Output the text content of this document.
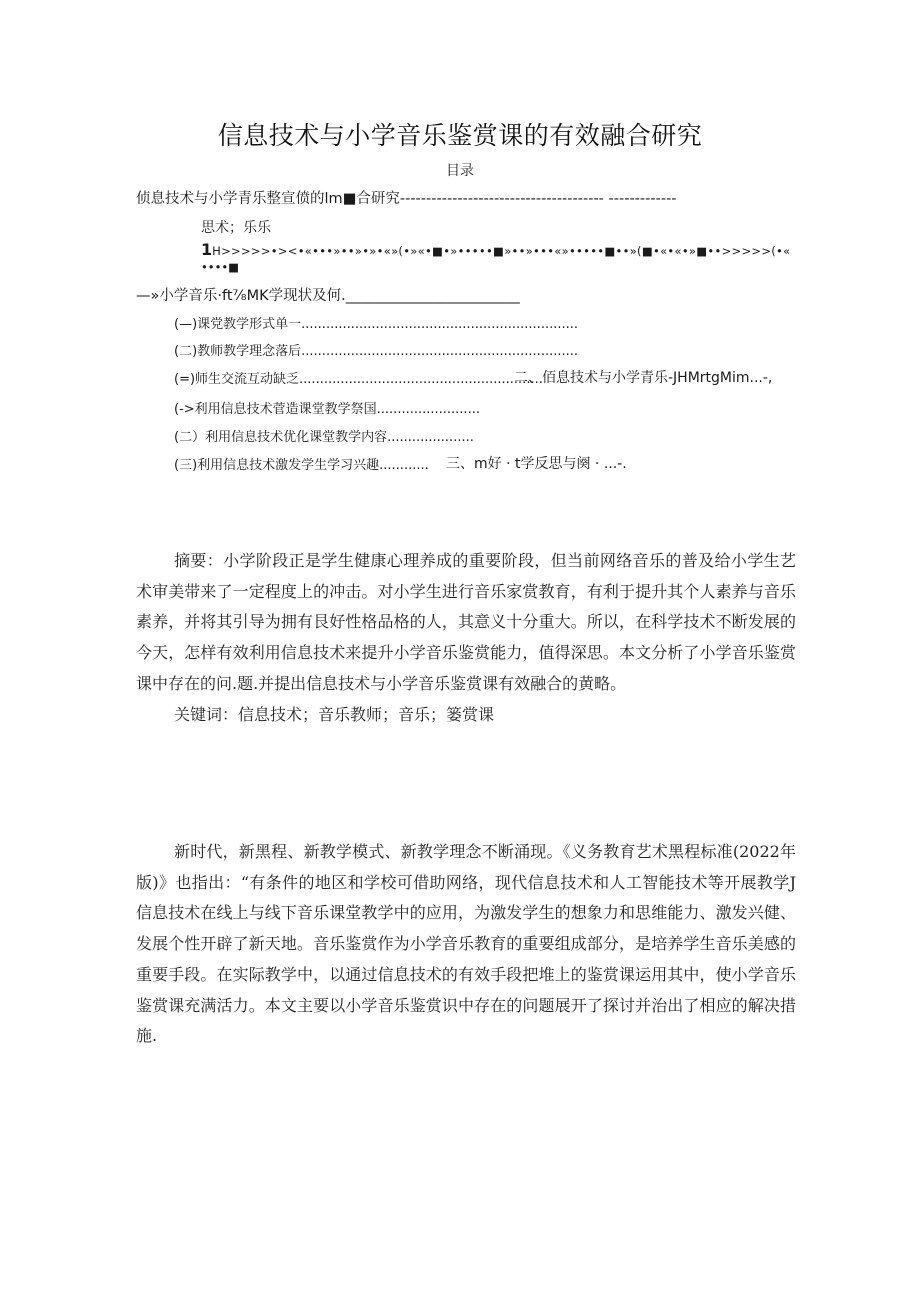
信息技术与小学音乐鉴赏课的有效融合研究
目录
侦息技术与小学青乐整宣偾的lm■合研究--------------------------------------- -------------
思术；乐乐
1H>>>>>•><•«•••»••»•»•«»(•»«•■•»•••••■»••»•••«»•••••■••»(■•«•«•»■••>>>>>(•«
••••■
—»小学音乐·ft⅞MK学现状及何.________________________
(—)课党教学形式单一...................................................................
(二)教师教学理念落后...................................................................
(=)师生交流互动缺乏...........................................................
二、佰息技术与小学青乐-JHMrtgMim...-,
(->利用信息技术菅造课堂教学祭国.........................
(二）利用信息技术优化课堂教学内容.....................
(三)利用信息技术激发学生学习兴趣............ 三、m好 · t学反思与阕 · ...-.

摘要：小学阶段正是学生健康心理养成的重要阶段，但当前网络音乐的普及给小学生艺术审美带来了一定程度上的冲击。对小学生进行音乐家赏教育，有利于提升其个人素养与音乐素养，并将其引导为拥有艮好性格品格的人，其意义十分重大。所以，在科学技术不断发展的今天，怎样有效利用信息技术来提升小学音乐鉴赏能力，值得深思。本文分析了小学音乐鉴赏课中存在的问.题.并提出信息技术与小学音乐鉴赏课有效融合的黄略。

关键词：信息技术；音乐教师；音乐；篓赏课

新时代，新黑程、新教学模式、新教学理念不断涌现。《义务教育艺术黑程标准(2022年版)》也指出：“有条件的地区和学校可借助网络，现代信息技术和人工智能技术等开展教学J信息技术在线上与线下音乐课堂教学中的应用，为激发学生的想象力和思维能力、激发兴健、发展个性开辟了新天地。音乐鉴赏作为小学音乐教育的重要组成部分，是培养学生音乐美感的重要手段。在实际教学中，以通过信息技术的有效手段把堆上的鉴赏课运用其中，使小学音乐鉴赏课充满活力。本文主要以小学音乐鉴赏识中存在的问题展开了探讨并治出了相应的解决措施.
